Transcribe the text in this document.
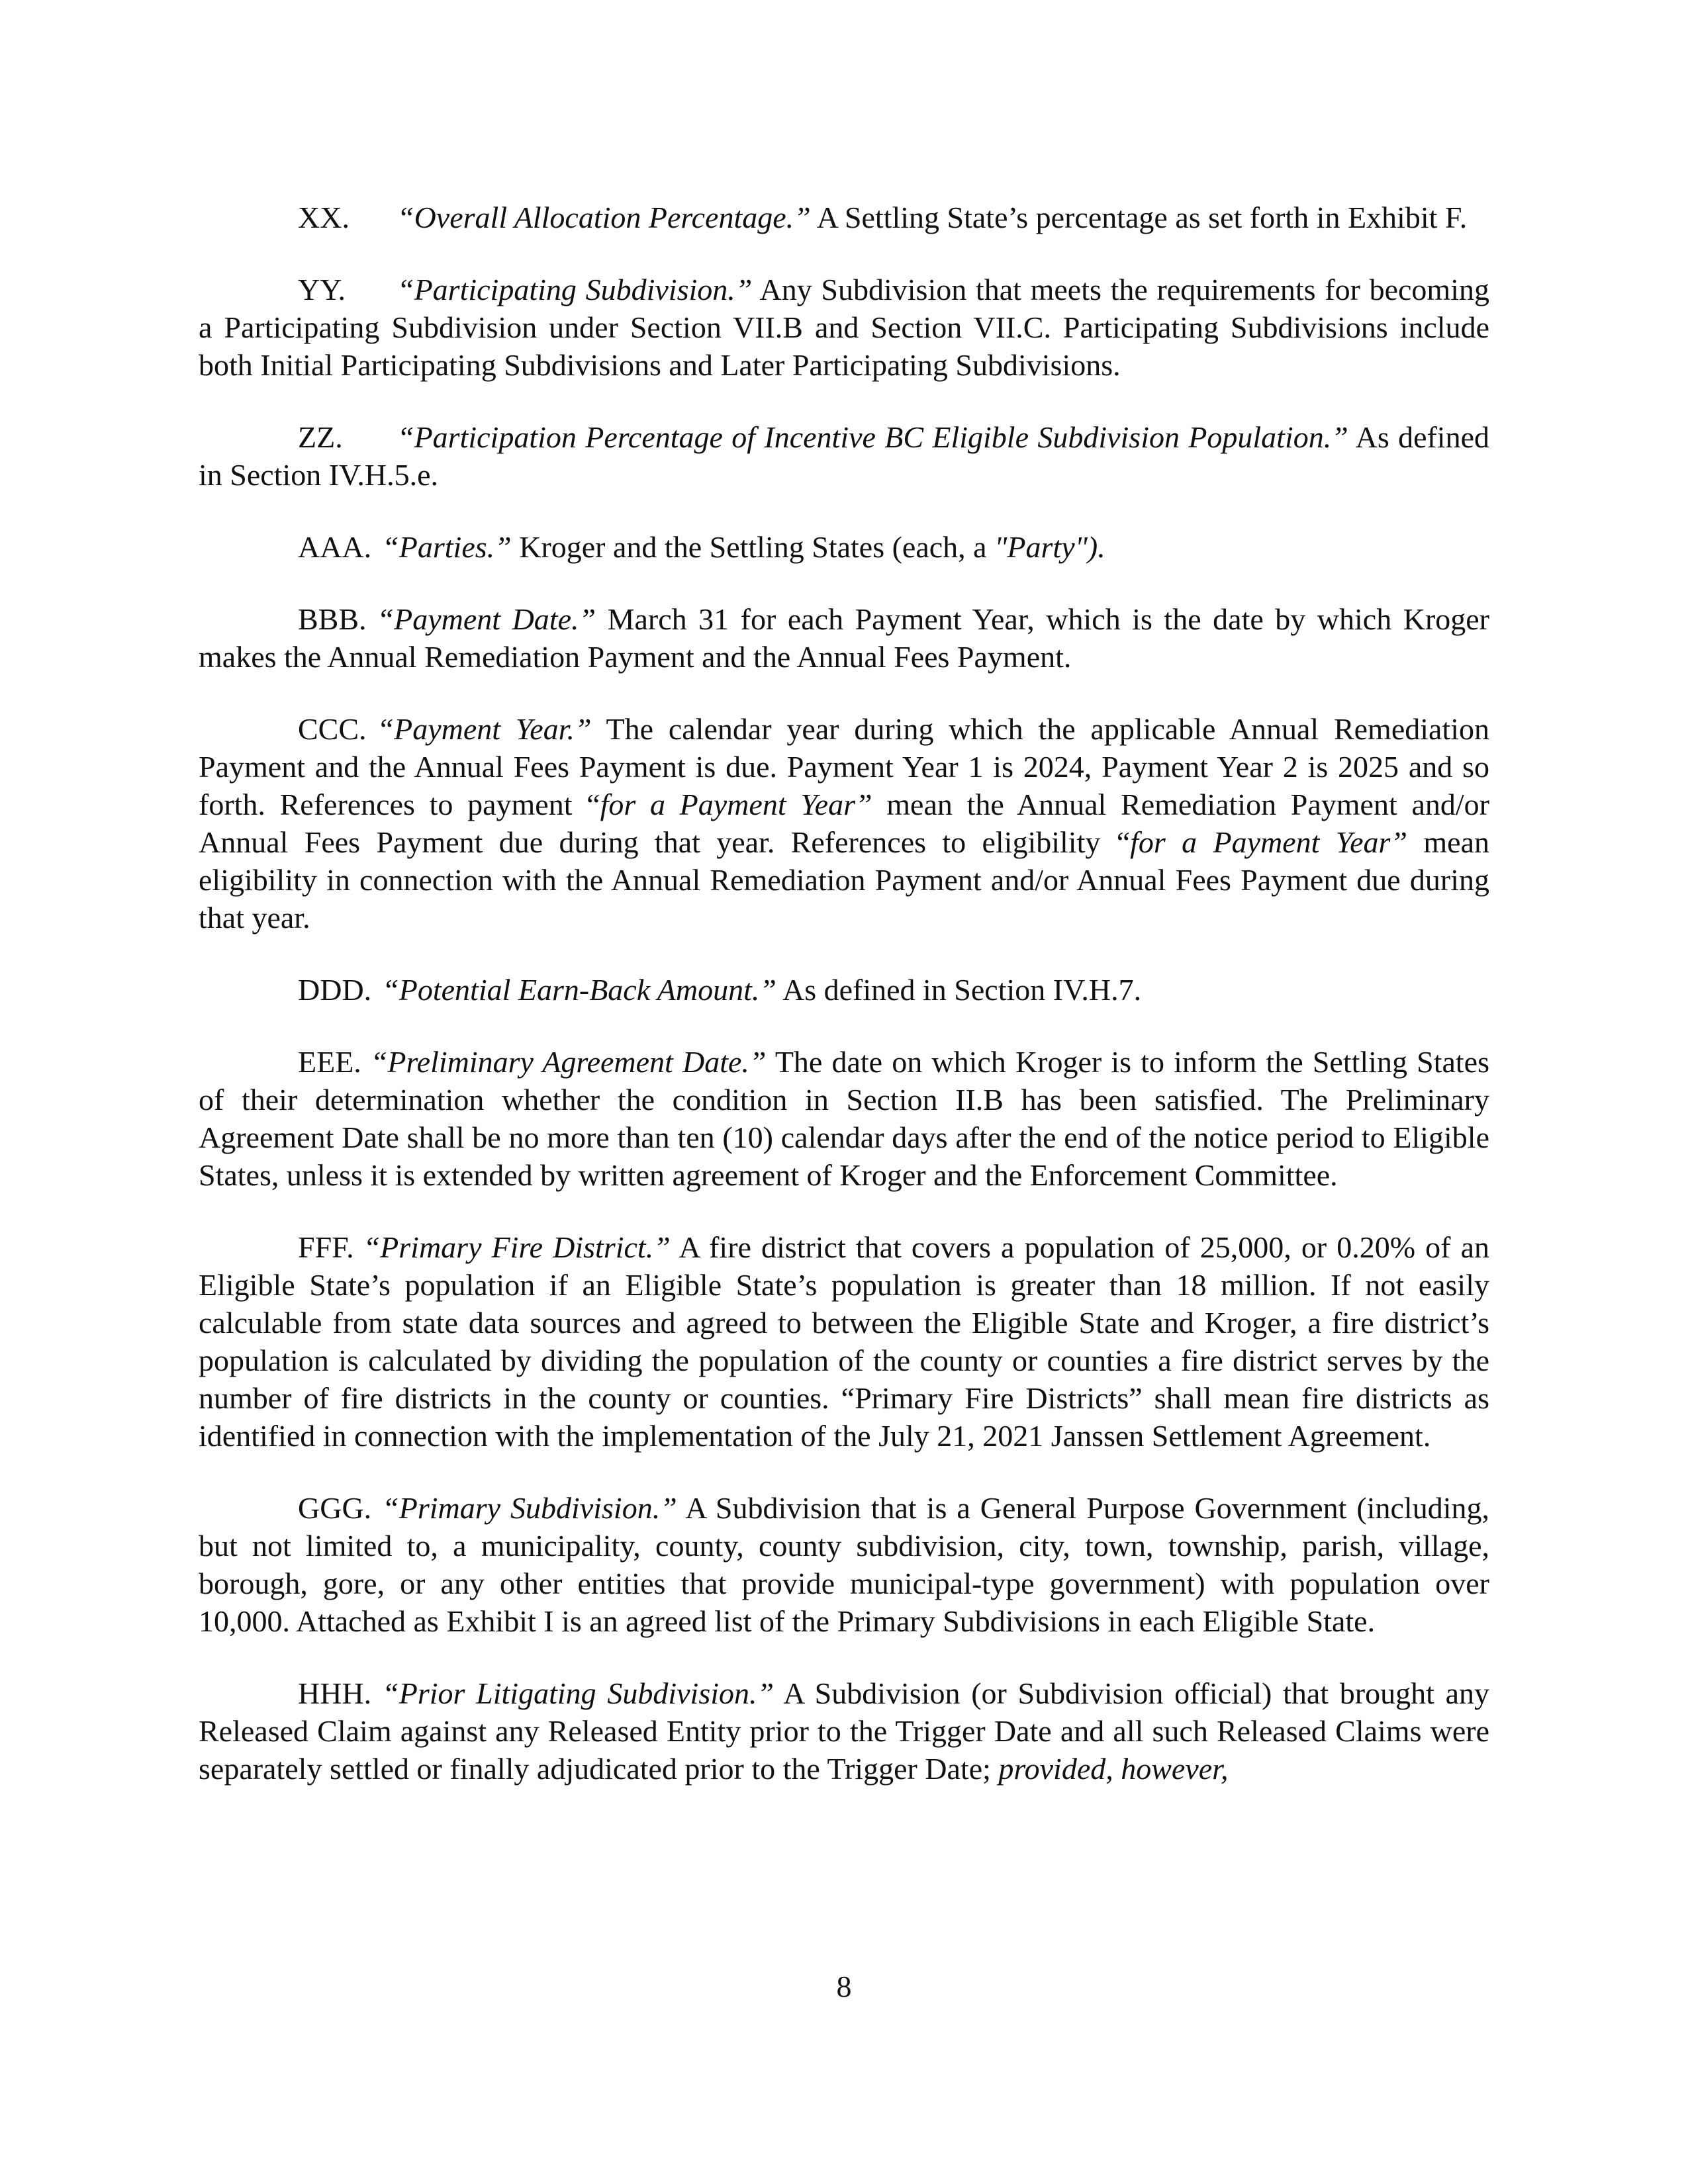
XX. “Overall Allocation Percentage.” A Settling State’s percentage as set forth in Exhibit F.

YY. “Participating Subdivision.” Any Subdivision that meets the requirements for becoming a Participating Subdivision under Section VII.B and Section VII.C. Participating Subdivisions include both Initial Participating Subdivisions and Later Participating Subdivisions.

ZZ. “Participation Percentage of Incentive BC Eligible Subdivision Population.” As defined in Section IV.H.5.e.

AAA. “Parties.” Kroger and the Settling States (each, a "Party").

BBB. “Payment Date.” March 31 for each Payment Year, which is the date by which Kroger makes the Annual Remediation Payment and the Annual Fees Payment.

CCC. “Payment Year.” The calendar year during which the applicable Annual Remediation Payment and the Annual Fees Payment is due. Payment Year 1 is 2024, Payment Year 2 is 2025 and so forth. References to payment “for a Payment Year” mean the Annual Remediation Payment and/or Annual Fees Payment due during that year. References to eligibility “for a Payment Year” mean eligibility in connection with the Annual Remediation Payment and/or Annual Fees Payment due during that year.

DDD. “Potential Earn-Back Amount.” As defined in Section IV.H.7.

EEE. “Preliminary Agreement Date.” The date on which Kroger is to inform the Settling States of their determination whether the condition in Section II.B has been satisfied. The Preliminary Agreement Date shall be no more than ten (10) calendar days after the end of the notice period to Eligible States, unless it is extended by written agreement of Kroger and the Enforcement Committee.

FFF. “Primary Fire District.” A fire district that covers a population of 25,000, or 0.20% of an Eligible State’s population if an Eligible State’s population is greater than 18 million. If not easily calculable from state data sources and agreed to between the Eligible State and Kroger, a fire district’s population is calculated by dividing the population of the county or counties a fire district serves by the number of fire districts in the county or counties. “Primary Fire Districts” shall mean fire districts as identified in connection with the implementation of the July 21, 2021 Janssen Settlement Agreement.

GGG. “Primary Subdivision.” A Subdivision that is a General Purpose Government (including, but not limited to, a municipality, county, county subdivision, city, town, township, parish, village, borough, gore, or any other entities that provide municipal-type government) with population over 10,000. Attached as Exhibit I is an agreed list of the Primary Subdivisions in each Eligible State.

HHH. “Prior Litigating Subdivision.” A Subdivision (or Subdivision official) that brought any Released Claim against any Released Entity prior to the Trigger Date and all such Released Claims were separately settled or finally adjudicated prior to the Trigger Date; provided, however,

8
